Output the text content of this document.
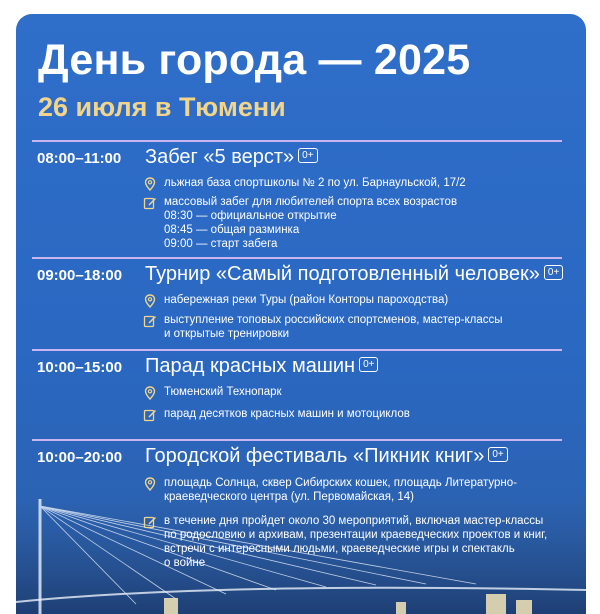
День города — 2025
26 июля в Тюмени
08:00–11:00 Забег «5 верст» 0+
льжная база спортшколы № 2 по ул. Барнаульской, 17/2
массовый забег для любителей спорта всех возрастов
08:30 — официальное открытие
08:45 — общая разминка
09:00 — старт забега
09:00–18:00 Турнир «Самый подготовленный человек» 0+
набережная реки Туры (район Конторы пароходства)
выступление топовых российских спортсменов, мастер-классы
и открытые тренировки
10:00–15:00 Парад красных машин 0+
Тюменский Технопарк
парад десятков красных машин и мотоциклов
10:00–20:00 Городской фестиваль «Пикник книг» 0+
площадь Солнца, сквер Сибирских кошек, площадь Литературно-
краеведческого центра (ул. Первомайская, 14)
в течение дня пройдет около 30 мероприятий, включая мастер-классы
по родословию и архивам, презентации краеведческих проектов и книг,
встречи с интересными людьми, краеведческие игры и спектакль
о войне
